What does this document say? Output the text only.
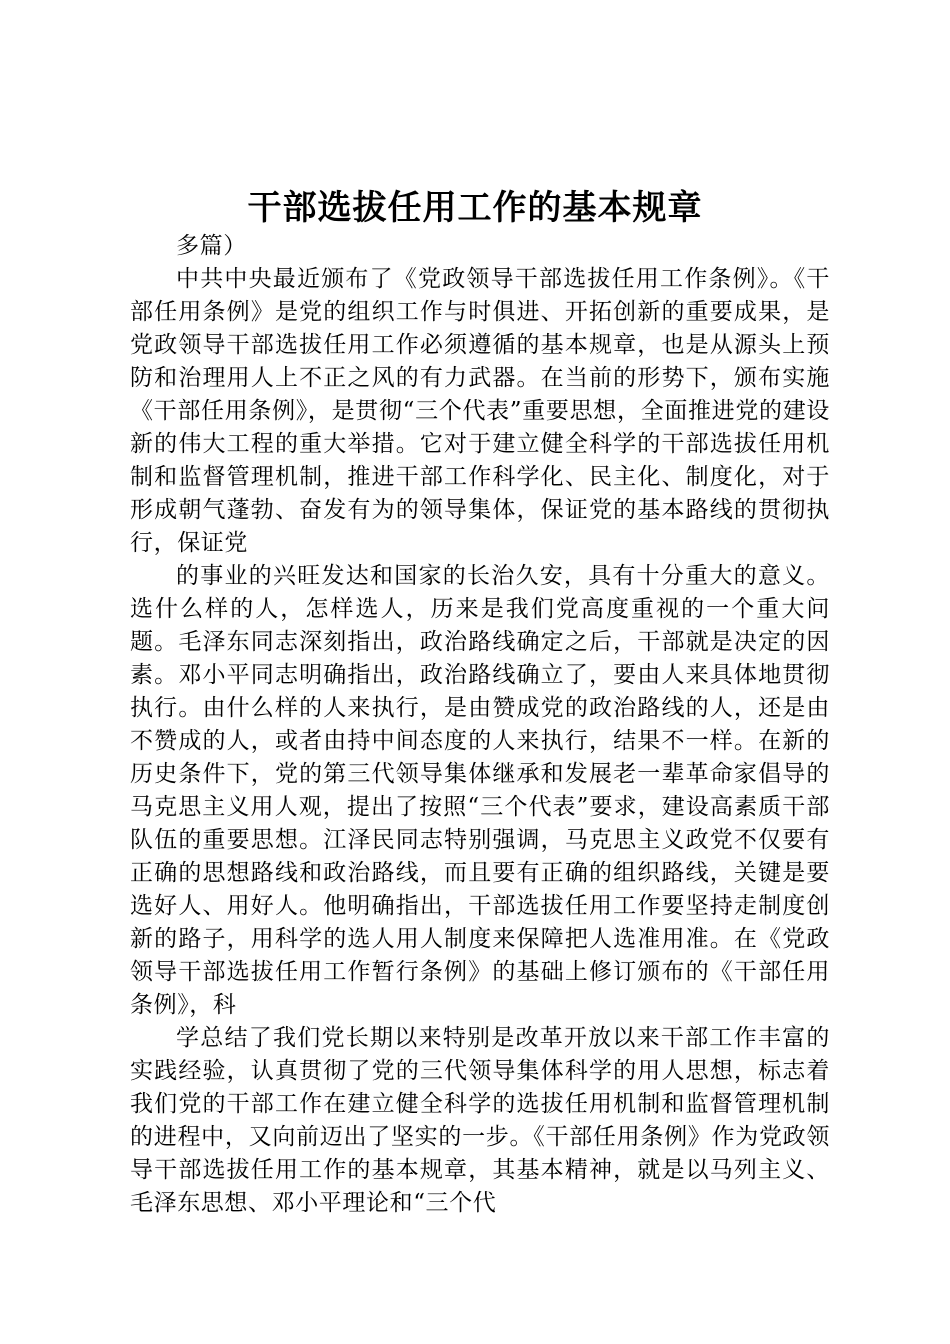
干部选拔任用工作的基本规章

多篇）

中共中央最近颁布了《党政领导干部选拔任用工作条例》。《干部任用条例》是党的组织工作与时俱进、开拓创新的重要成果，是党政领导干部选拔任用工作必须遵循的基本规章，也是从源头上预防和治理用人上不正之风的有力武器。在当前的形势下，颁布实施《干部任用条例》，是贯彻“三个代表”重要思想，全面推进党的建设新的伟大工程的重大举措。它对于建立健全科学的干部选拔任用机制和监督管理机制，推进干部工作科学化、民主化、制度化，对于形成朝气蓬勃、奋发有为的领导集体，保证党的基本路线的贯彻执行，保证党

的事业的兴旺发达和国家的长治久安，具有十分重大的意义。选什么样的人，怎样选人，历来是我们党高度重视的一个重大问题。毛泽东同志深刻指出，政治路线确定之后，干部就是决定的因素。邓小平同志明确指出，政治路线确立了，要由人来具体地贯彻执行。由什么样的人来执行，是由赞成党的政治路线的人，还是由不赞成的人，或者由持中间态度的人来执行，结果不一样。在新的历史条件下，党的第三代领导集体继承和发展老一辈革命家倡导的马克思主义用人观，提出了按照“三个代表”要求，建设高素质干部队伍的重要思想。江泽民同志特别强调，马克思主义政党不仅要有正确的思想路线和政治路线，而且要有正确的组织路线，关键是要选好人、用好人。他明确指出，干部选拔任用工作要坚持走制度创新的路子，用科学的选人用人制度来保障把人选准用准。在《党政领导干部选拔任用工作暂行条例》的基础上修订颁布的《干部任用条例》，科

学总结了我们党长期以来特别是改革开放以来干部工作丰富的实践经验，认真贯彻了党的三代领导集体科学的用人思想，标志着我们党的干部工作在建立健全科学的选拔任用机制和监督管理机制的进程中，又向前迈出了坚实的一步。《干部任用条例》作为党政领导干部选拔任用工作的基本规章，其基本精神，就是以马列主义、毛泽东思想、邓小平理论和“三个代
